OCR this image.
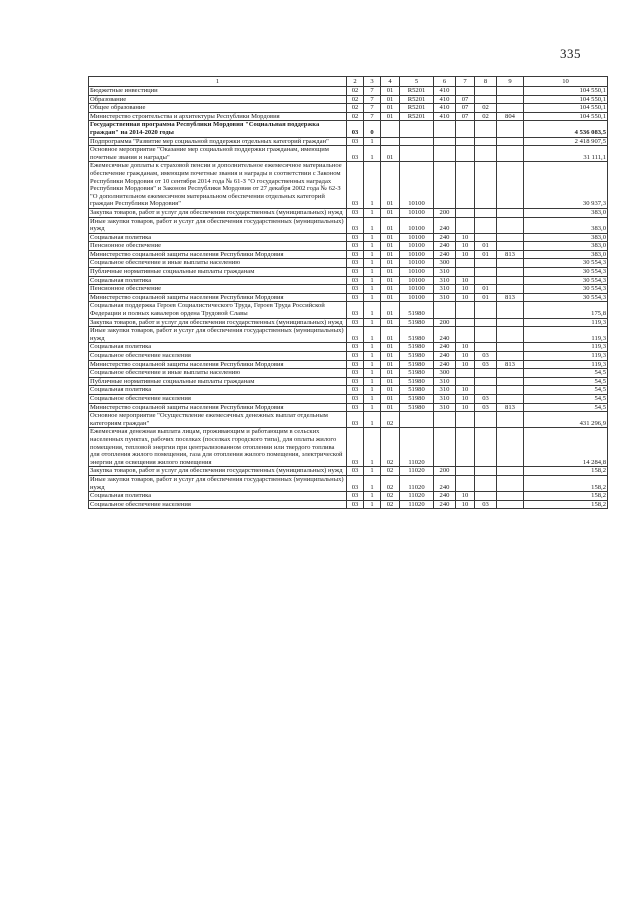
335
1	2	3	4	5	6	7	8	9	10
Бюджетные инвестиции	02	7	01	R5201	410				104 550,1
Образование	02	7	01	R5201	410	07			104 550,1
Общее образование	02	7	01	R5201	410	07	02		104 550,1
Министерство строительства и архитектуры Республики Мордовия	02	7	01	R5201	410	07	02	804	104 550,1
Государственная программа Республики Мордовия "Социальная поддержка граждан" на 2014-2020 годы	03	0							4 536 083,5
Подпрограмма "Развитие мер социальной поддержки отдельных категорий граждан"	03	1							2 418 907,5
Основное мероприятие "Оказание мер социальной поддержки гражданам, имеющим почетные звания и награды"	03	1	01						31 111,1
Ежемесячные доплаты к страховой пенсии и дополнительное ежемесячное материальное обеспечение гражданам, имеющим почетные звания и награды в соответствии с Законом Республики Мордовия от 10 сентября 2014 года № 61-З "О государственных наградах Республики Мордовия" и Законом Республики Мордовия от 27 декабря 2002 года № 62-З "О дополнительном ежемесячном материальном обеспечении отдельных категорий граждан Республики Мордовия"	03	1	01	10100					30 937,3
Закупка товаров, работ и услуг для обеспечения государственных (муниципальных) нужд	03	1	01	10100	200				383,0
Иные закупки товаров, работ и услуг для обеспечения государственных (муниципальных) нужд	03	1	01	10100	240				383,0
Социальная политика	03	1	01	10100	240	10			383,0
Пенсионное обеспечение	03	1	01	10100	240	10	01		383,0
Министерство социальной защиты населения Республики Мордовия	03	1	01	10100	240	10	01	813	383,0
Социальное обеспечение и иные выплаты населению	03	1	01	10100	300				30 554,3
Публичные нормативные социальные выплаты гражданам	03	1	01	10100	310				30 554,3
Социальная политика	03	1	01	10100	310	10			30 554,3
Пенсионное обеспечение	03	1	01	10100	310	10	01		30 554,3
Министерство социальной защиты населения Республики Мордовия	03	1	01	10100	310	10	01	813	30 554,3
Социальная поддержка Героев Социалистического Труда, Героев Труда Российской Федерации и полных кавалеров ордена Трудовой Славы	03	1	01	51980					175,8
Закупка товаров, работ и услуг для обеспечения государственных (муниципальных) нужд	03	1	01	51980	200				119,3
Иные закупки товаров, работ и услуг для обеспечения государственных (муниципальных) нужд	03	1	01	51980	240				119,3
Социальная политика	03	1	01	51980	240	10			119,3
Социальное обеспечение населения	03	1	01	51980	240	10	03		119,3
Министерство социальной защиты населения Республики Мордовия	03	1	01	51980	240	10	03	813	119,3
Социальное обеспечение и иные выплаты населению	03	1	01	51980	300				54,5
Публичные нормативные социальные выплаты гражданам	03	1	01	51980	310				54,5
Социальная политика	03	1	01	51980	310	10			54,5
Социальное обеспечение населения	03	1	01	51980	310	10	03		54,5
Министерство социальной защиты населения Республики Мордовия	03	1	01	51980	310	10	03	813	54,5
Основное мероприятие "Осуществление ежемесячных денежных выплат отдельным категориям граждан"	03	1	02						431 296,9
Ежемесячная денежная выплата лицам, проживающим и работающим в сельских населенных пунктах, рабочих поселках (поселках городского типа), для оплаты жилого помещения, тепловой энергии при централизованном отоплении или твердого топлива для отопления жилого помещения, газа для отопления жилого помещения, электрической энергии для освещения жилого помещения	03	1	02	11020					14 284,8
Закупка товаров, работ и услуг для обеспечения государственных (муниципальных) нужд	03	1	02	11020	200				158,2
Иные закупки товаров, работ и услуг для обеспечения государственных (муниципальных) нужд	03	1	02	11020	240				158,2
Социальная политика	03	1	02	11020	240	10			158,2
Социальное обеспечение населения	03	1	02	11020	240	10	03		158,2
